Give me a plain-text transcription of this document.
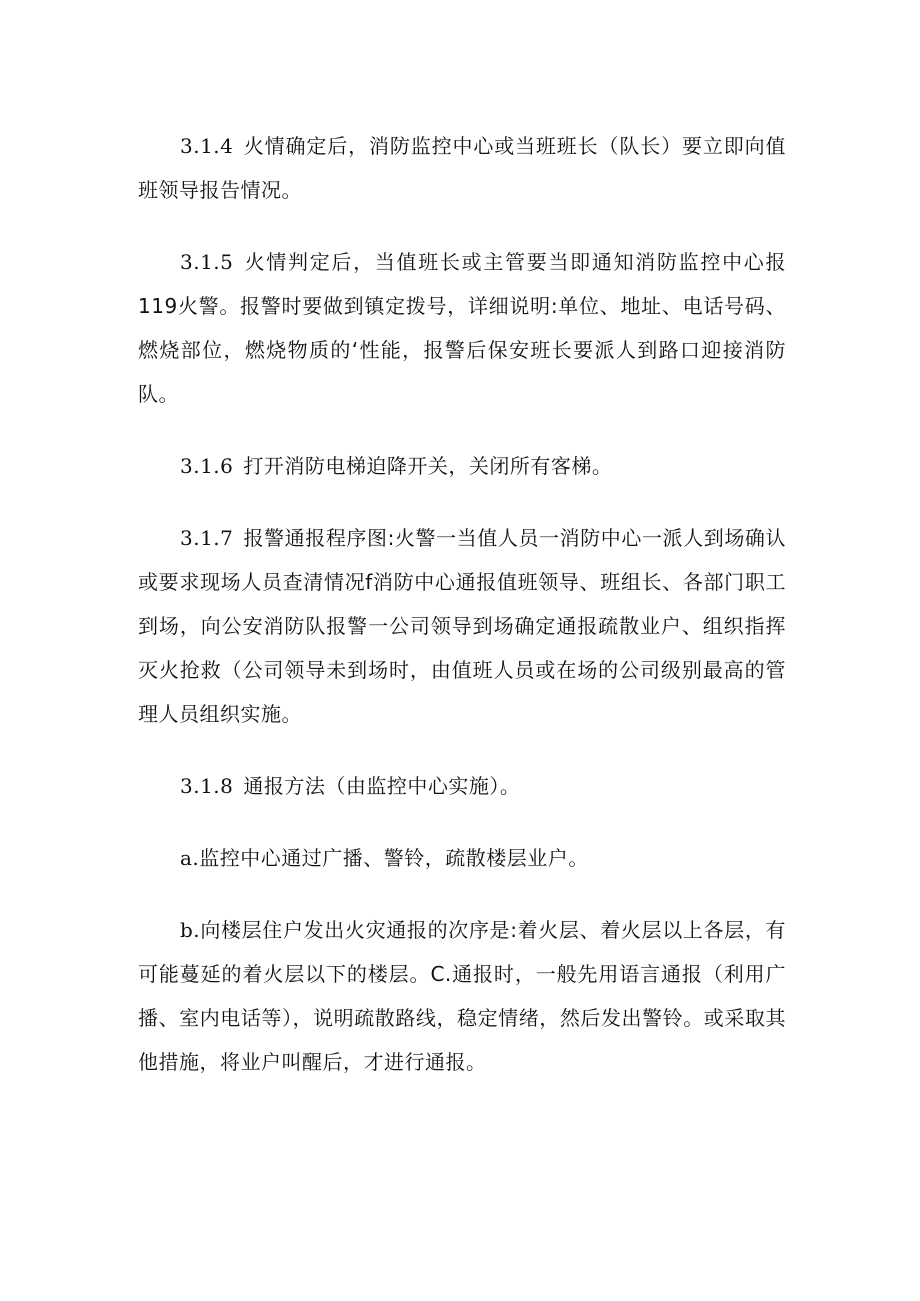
3.1.4 火情确定后，消防监控中心或当班班长（队长）要立即向值班领导报告情况。

3.1.5 火情判定后，当值班长或主管要当即通知消防监控中心报119火警。报警时要做到镇定拨号，详细说明:单位、地址、电话号码、燃烧部位，燃烧物质的‘性能，报警后保安班长要派人到路口迎接消防队。

3.1.6 打开消防电梯迫降开关，关闭所有客梯。

3.1.7 报警通报程序图:火警一当值人员一消防中心一派人到场确认或要求现场人员查清情况f消防中心通报值班领导、班组长、各部门职工到场，向公安消防队报警一公司领导到场确定通报疏散业户、组织指挥灭火抢救（公司领导未到场时，由值班人员或在场的公司级别最高的管理人员组织实施。

3.1.8 通报方法（由监控中心实施）。

a.监控中心通过广播、警铃，疏散楼层业户。

b.向楼层住户发出火灾通报的次序是:着火层、着火层以上各层，有可能蔓延的着火层以下的楼层。C.通报时，一般先用语言通报（利用广播、室内电话等），说明疏散路线，稳定情绪，然后发出警铃。或采取其他措施，将业户叫醒后，才进行通报。
